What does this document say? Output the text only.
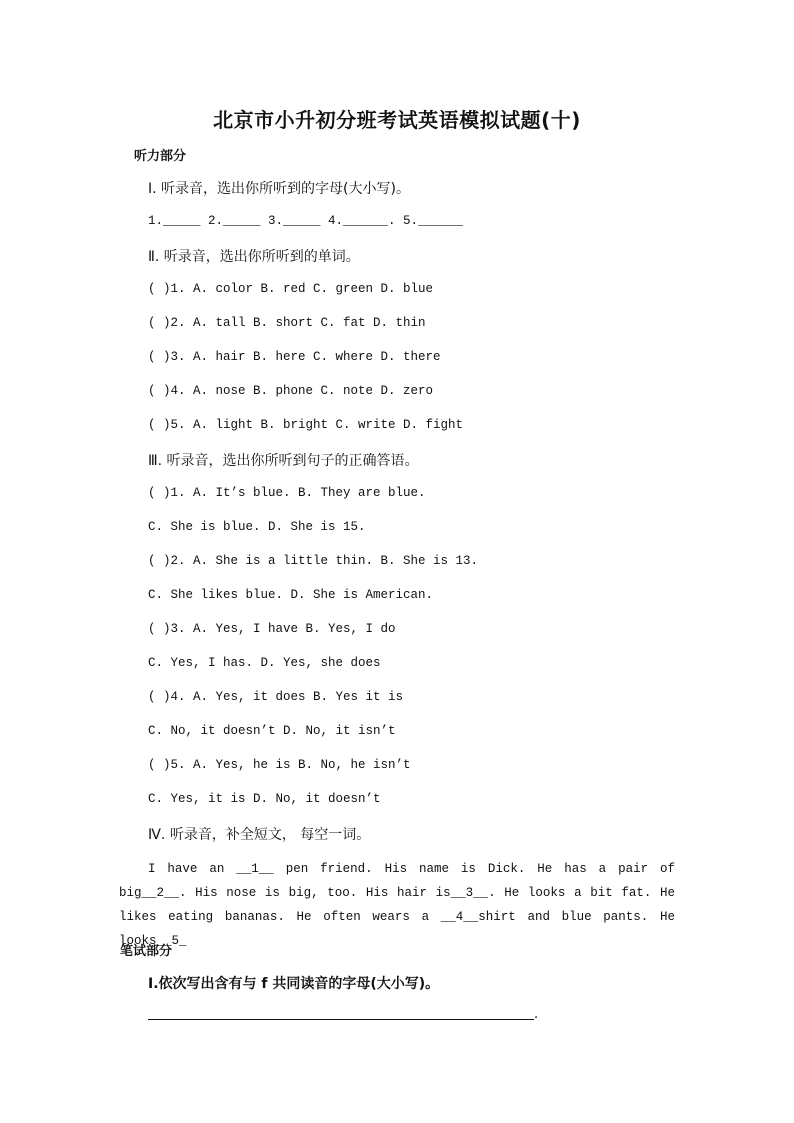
北京市小升初分班考试英语模拟试题(十)
听力部分
Ⅰ. 听录音，选出你所听到的字母(大小写)。
1._____ 2._____ 3._____ 4.______. 5.______
Ⅱ. 听录音，选出你所听到的单词。
( )1. A. color B. red C. green D. blue
( )2. A. tall B. short C. fat D. thin
( )3. A. hair B. here C. where D. there
( )4. A. nose B. phone C. note D. zero
( )5. A. light B. bright C. write D. fight
Ⅲ. 听录音，选出你所听到句子的正确答语。
( )1. A. It’s blue. B. They are blue.
C. She is blue. D. She is 15.
( )2. A. She is a little thin. B. She is 13.
C. She likes blue. D. She is American.
( )3. A. Yes, I have B. Yes, I do
C. Yes, I has. D. Yes, she does
( )4. A. Yes, it does B. Yes it is
C. No, it doesn’t D. No, it isn’t
( )5. A. Yes, he is B. No, he isn’t
C. Yes, it is D. No, it doesn’t
Ⅳ. 听录音，补全短文， 每空一词。
I have an __1__ pen friend. His name is Dick. He has a pair of big__2__. His nose is big, too. His hair is__3__. He looks a bit fat. He likes eating bananas. He often wears a __4__shirt and blue pants. He looks__5_
笔试部分
Ⅰ.依次写出含有与 f 共同读音的字母(大小写)。
.
